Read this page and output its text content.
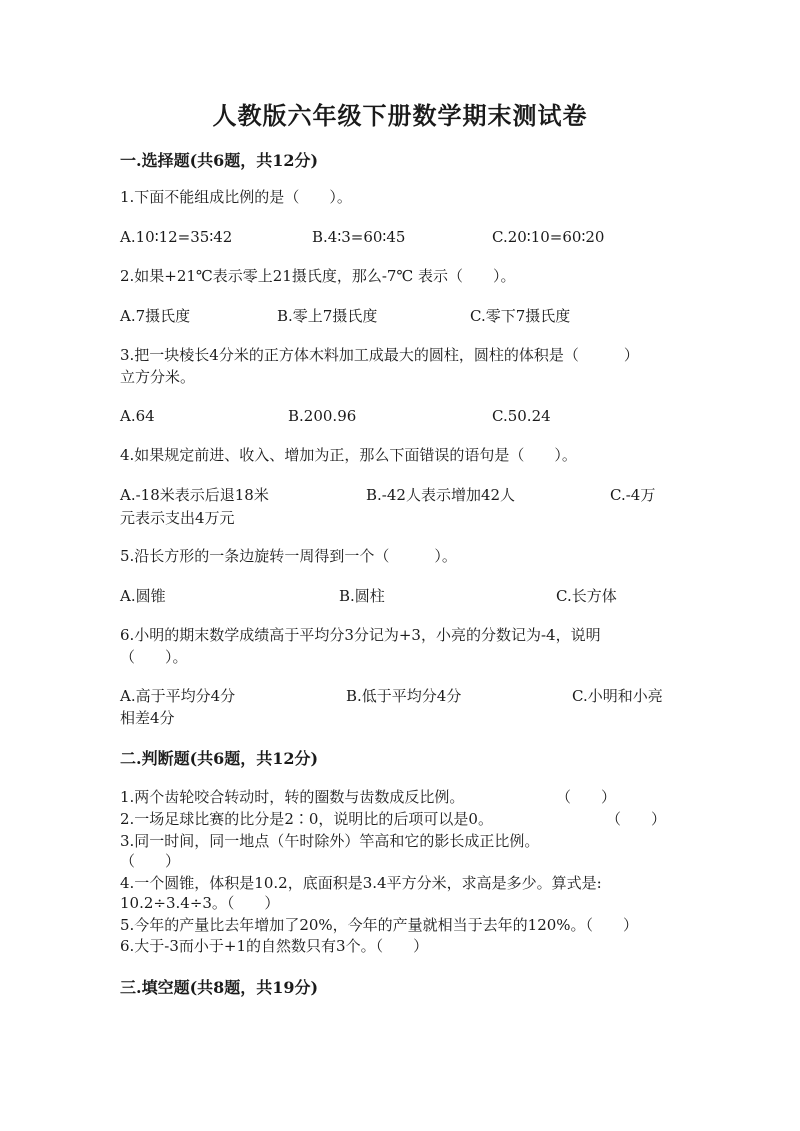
人教版六年级下册数学期末测试卷
一.选择题(共6题，共12分)
1.下面不能组成比例的是（　　）。
A.10∶12=35∶42	B.4∶3=60∶45	C.20∶10=60∶20
2.如果+21℃表示零上21摄氏度，那么-7℃ 表示（　　）。
A.7摄氏度	B.零上7摄氏度	C.零下7摄氏度
3.把一块棱长4分米的正方体木料加工成最大的圆柱，圆柱的体积是（　　　）
立方分米。
A.64	B.200.96	C.50.24
4.如果规定前进、收入、增加为正，那么下面错误的语句是（　　）。
A.-18米表示后退18米	B.-42人表示增加42人	C.-4万
元表示支出4万元
5.沿长方形的一条边旋转一周得到一个（　　　）。
A.圆锥	B.圆柱	C.长方体
6.小明的期末数学成绩高于平均分3分记为+3，小亮的分数记为-4，说明
（　　）。
A.高于平均分4分	B.低于平均分4分	C.小明和小亮
相差4分
二.判断题(共6题，共12分)
1.两个齿轮咬合转动时，转的圈数与齿数成反比例。	（　　）
2.一场足球比赛的比分是2∶0，说明比的后项可以是0。	（　　）
3.同一时间，同一地点（午时除外）竿高和它的影长成正比例。
（　　）
4.一个圆锥，体积是10.2，底面积是3.4平方分米，求高是多少。算式是:
10.2÷3.4÷3。（　　）
5.今年的产量比去年增加了20%，今年的产量就相当于去年的120%。（　　）
6.大于-3而小于+1的自然数只有3个。（　　）
三.填空题(共8题，共19分)
